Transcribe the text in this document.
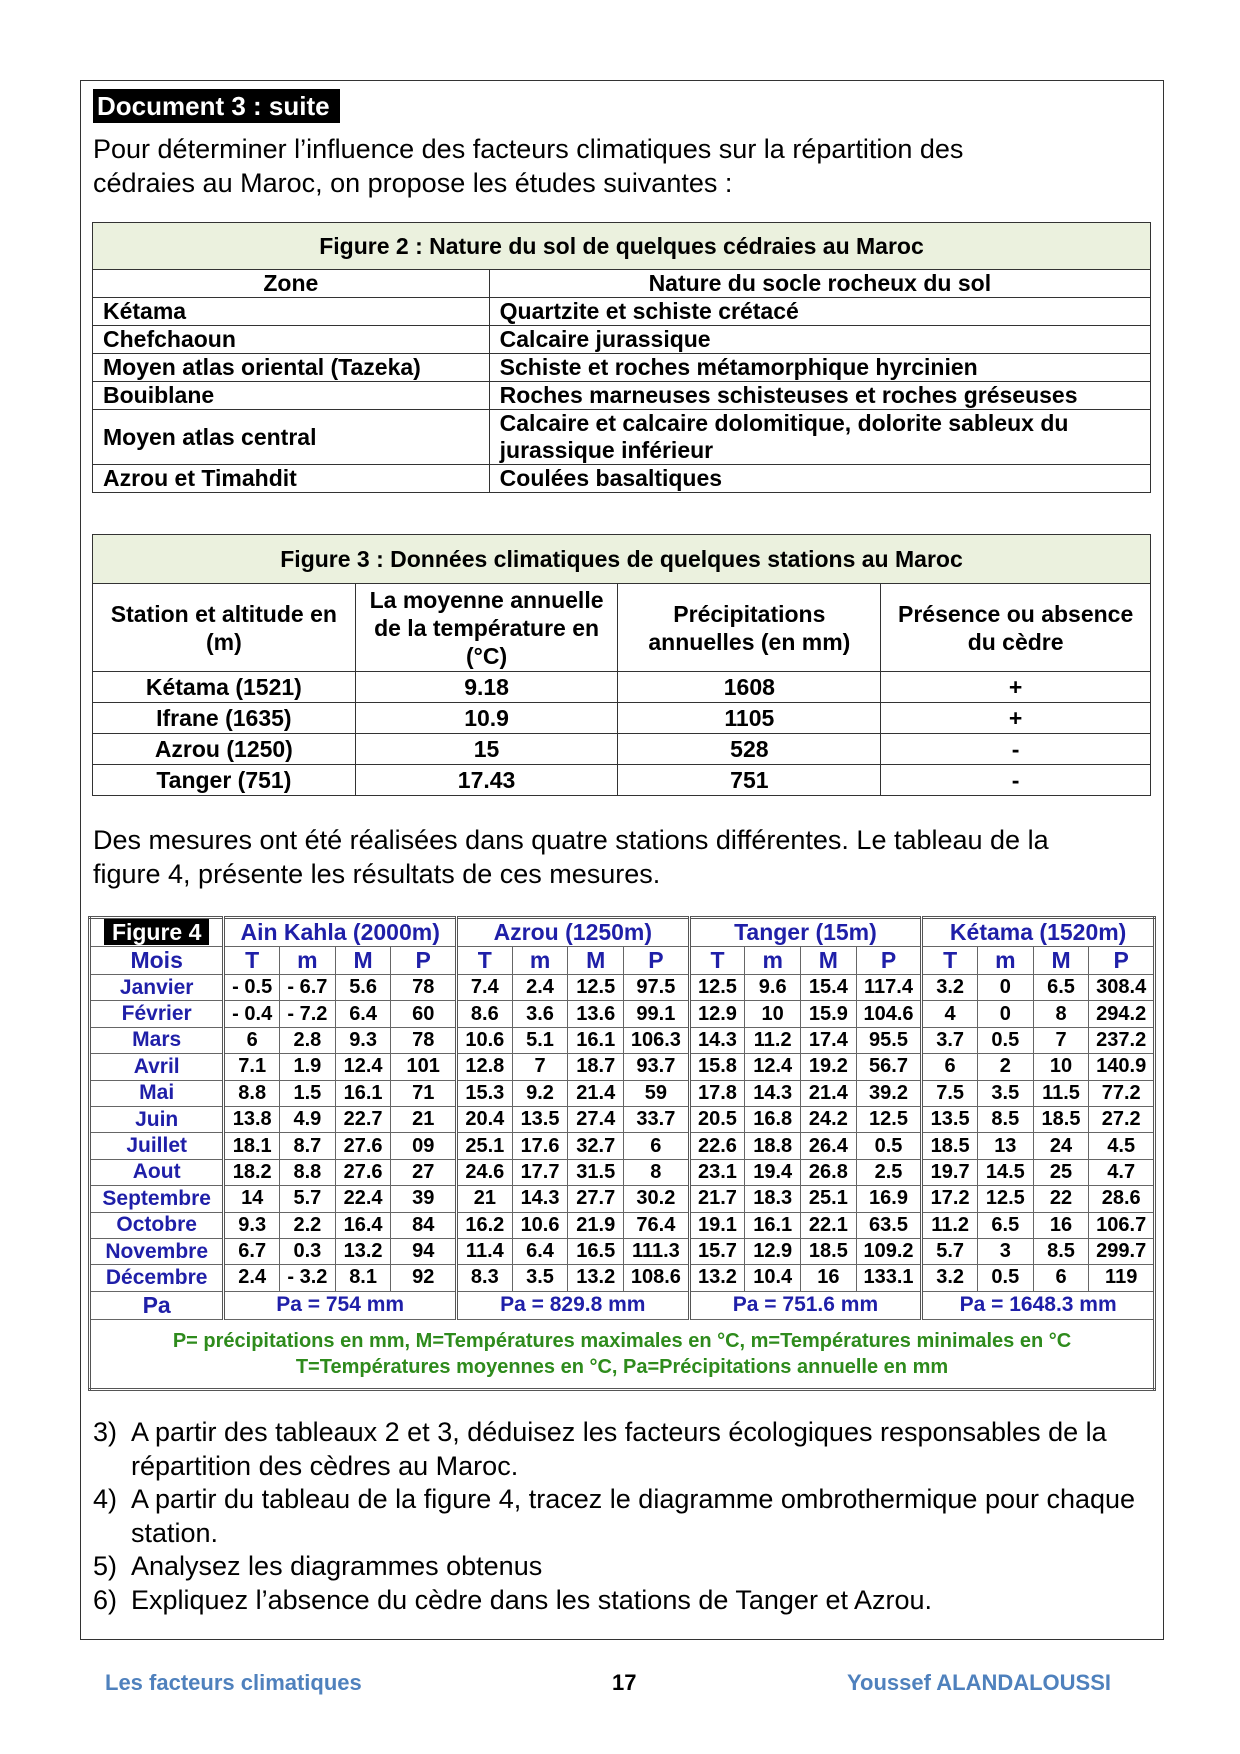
Document 3 : suite
Pour déterminer l’influence des facteurs climatiques sur la répartition des
cédraies au Maroc, on propose les études suivantes :
Figure 2 : Nature du sol de quelques cédraies au Maroc	
Zone	Nature du socle rocheux du sol
Kétama	Quartzite et schiste crétacé
Chefchaoun	Calcaire jurassique
Moyen atlas oriental (Tazeka)	Schiste et roches métamorphique hyrcinien
Bouiblane	Roches marneuses schisteuses et roches gréseuses
Moyen atlas central	Calcaire et calcaire dolomitique, dolorite sableux du jurassique inférieur
Azrou et Timahdit	Coulées basaltiques
Figure 3 : Données climatiques de quelques stations au Maroc			
Station et altitude en (m)	La moyenne annuelle de la température en (°C)	Précipitations annuelles (en mm)	Présence ou absence du cèdre
Kétama (1521)	9.18	1608	+
Ifrane (1635)	10.9	1105	+
Azrou (1250)	15	528	-
Tanger (751)	17.43	751	-
Des mesures ont été réalisées dans quatre stations différentes. Le tableau de la
figure 4, présente les résultats de ces mesures.
Figure 4	Ain Kahla (2000m)				Azrou (1250m)				Tanger (15m)				Kétama (1520m)			
Mois	T	m	M	P	T	m	M	P	T	m	M	P	T	m	M	P
Janvier	- 0.5	- 6.7	5.6	78	7.4	2.4	12.5	97.5	12.5	9.6	15.4	117.4	3.2	0	6.5	308.4
Février	- 0.4	- 7.2	6.4	60	8.6	3.6	13.6	99.1	12.9	10	15.9	104.6	4	0	8	294.2
Mars	6	2.8	9.3	78	10.6	5.1	16.1	106.3	14.3	11.2	17.4	95.5	3.7	0.5	7	237.2
Avril	7.1	1.9	12.4	101	12.8	7	18.7	93.7	15.8	12.4	19.2	56.7	6	2	10	140.9
Mai	8.8	1.5	16.1	71	15.3	9.2	21.4	59	17.8	14.3	21.4	39.2	7.5	3.5	11.5	77.2
Juin	13.8	4.9	22.7	21	20.4	13.5	27.4	33.7	20.5	16.8	24.2	12.5	13.5	8.5	18.5	27.2
Juillet	18.1	8.7	27.6	09	25.1	17.6	32.7	6	22.6	18.8	26.4	0.5	18.5	13	24	4.5
Aout	18.2	8.8	27.6	27	24.6	17.7	31.5	8	23.1	19.4	26.8	2.5	19.7	14.5	25	4.7
Septembre	14	5.7	22.4	39	21	14.3	27.7	30.2	21.7	18.3	25.1	16.9	17.2	12.5	22	28.6
Octobre	9.3	2.2	16.4	84	16.2	10.6	21.9	76.4	19.1	16.1	22.1	63.5	11.2	6.5	16	106.7
Novembre	6.7	0.3	13.2	94	11.4	6.4	16.5	111.3	15.7	12.9	18.5	109.2	5.7	3	8.5	299.7
Décembre	2.4	- 3.2	8.1	92	8.3	3.5	13.2	108.6	13.2	10.4	16	133.1	3.2	0.5	6	119
Pa	Pa = 754 mm				Pa = 829.8 mm				Pa = 751.6 mm				Pa = 1648.3 mm			

P= précipitations en mm, M=Températures maximales en °C, m=Températures minimales en °C
T=Températures moyennes en °C, Pa=Précipitations annuelle en mm																
3) A partir des tableaux 2 et 3, déduisez les facteurs écologiques responsables de la répartition des cèdres au Maroc.
4) A partir du tableau de la figure 4, tracez le diagramme ombrothermique pour chaque station.
5) Analysez les diagrammes obtenus
6) Expliquez l’absence du cèdre dans les stations de Tanger et Azrou.
Les facteurs climatiques	17	Youssef ALANDALOUSSI
